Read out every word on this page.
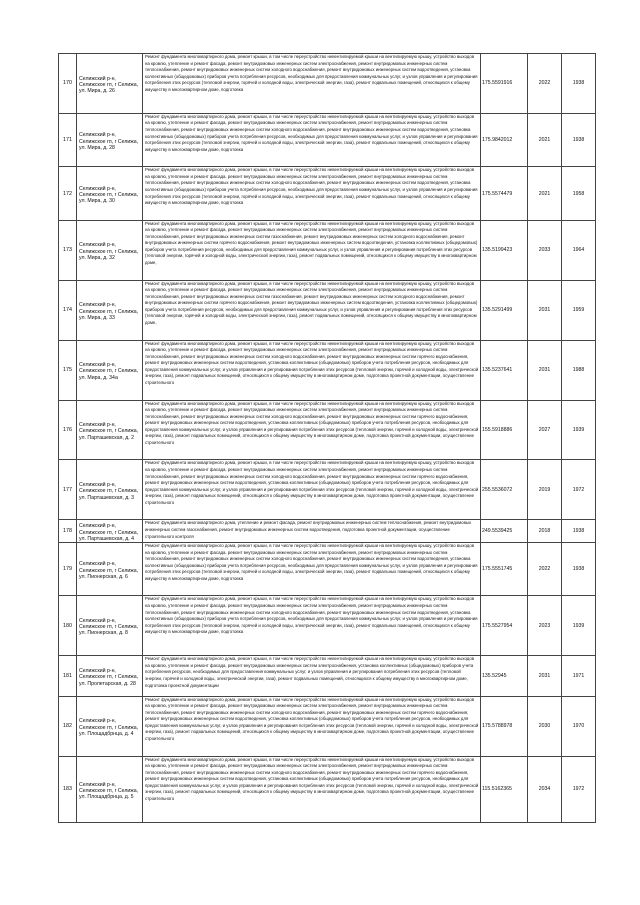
170	Селижский р-н, Селижское гп, г Селижа, ул. Мира, д. 26	Ремонт фундамента многоквартирного дома, ремонт крыши, в том числе переустройство невентилируемой крыши на вентилируемую крышу, устройство выходов на кровлю, утепление и ремонт фасада, ремонт внутридомовых инженерных систем электроснабжения, ремонт внутридомовых инженерных систем теплоснабжения, ремонт внутридомовых инженерных систем холодного водоснабжения, ремонт внутридомовых инженерных систем водоотведения, установка коллективных (общедомовых) приборов учета потребления ресурсов, необходимых для предоставления коммунальных услуг, и узлов управления и регулирования потребления этих ресурсов (тепловой энергии, горячей и холодной воды, электрической энергии, газа), ремонт подвальных помещений, относящихся к общему имуществу в многоквартирном доме, подготовка	175.5591916	2022	1938
171	Селижский р-н, Селижское гп, г Селижа, ул. Мира, д. 28	Ремонт фундамента многоквартирного дома, ремонт крыши, в том числе переустройство невентилируемой крыши на вентилируемую крышу, устройство выходов на кровлю, утепление и ремонт фасада, ремонт внутридомовых инженерных систем электроснабжения, ремонт внутридомовых инженерных систем теплоснабжения, ремонт внутридомовых инженерных систем холодного водоснабжения, ремонт внутридомовых инженерных систем водоотведения, установка коллективных (общедомовых) приборов учета потребления ресурсов, необходимых для предоставления коммунальных услуг, и узлов управления и регулирования потребления этих ресурсов (тепловой энергии, горячей и холодной воды, электрической энергии, газа), ремонт подвальных помещений, относящихся к общему имуществу в многоквартирном доме, подготовка	175.9842012	2021	1938
172	Селижский р-н, Селижское гп, г Селижа, ул. Мира, д. 30	Ремонт фундамента многоквартирного дома, ремонт крыши, в том числе переустройство невентилируемой крыши на вентилируемую крышу, устройство выходов на кровлю, утепление и ремонт фасада, ремонт внутридомовых инженерных систем электроснабжения, ремонт внутридомовых инженерных систем теплоснабжения, ремонт внутридомовых инженерных систем холодного водоснабжения, ремонт внутридомовых инженерных систем водоотведения, установка коллективных (общедомовых) приборов учета потребления ресурсов, необходимых для предоставления коммунальных услуг, и узлов управления и регулирования потребления этих ресурсов (тепловой энергии, горячей и холодной воды, электрической энергии, газа), ремонт подвальных помещений, относящихся к общему имуществу в многоквартирном доме, подготовка	175.5574479	2021	1958
173	Селижский р-н, Селижское гп, г Селижа, ул. Мира, д. 32	Ремонт фундамента многоквартирного дома, ремонт крыши, в том числе переустройство невентилируемой крыши на вентилируемую крышу, устройство выходов на кровлю, утепление и ремонт фасада, ремонт внутридомовых инженерных систем электроснабжения, ремонт внутридомовых инженерных систем теплоснабжения, ремонт внутридомовых инженерных систем газоснабжения, ремонт внутридомовых инженерных систем холодного водоснабжения, ремонт внутридомовых инженерных систем горячего водоснабжения, ремонт внутридомовых инженерных систем водоотведения, установка коллективных (общедомовых) приборов учета потребления ресурсов, необходимых для предоставления коммунальных услуг, и узлов управления и регулирования потребления этих ресурсов (тепловой энергии, горячей и холодной воды, электрической энергии, газа), ремонт подвальных помещений, относящихся к общему имуществу в многоквартирном доме,	135.5199423	2033	1964
174	Селижский р-н, Селижское гп, г Селижа, ул. Мира, д. 33	Ремонт фундамента многоквартирного дома, ремонт крыши, в том числе переустройство невентилируемой крыши на вентилируемую крышу, устройство выходов на кровлю, утепление и ремонт фасада, ремонт внутридомовых инженерных систем электроснабжения, ремонт внутридомовых инженерных систем теплоснабжения, ремонт внутридомовых инженерных систем газоснабжения, ремонт внутридомовых инженерных систем холодного водоснабжения, ремонт внутридомовых инженерных систем горячего водоснабжения, ремонт внутридомовых инженерных систем водоотведения, установка коллективных (общедомовых) приборов учета потребления ресурсов, необходимых для предоставления коммунальных услуг, и узлов управления и регулирования потребления этих ресурсов (тепловой энергии, горячей и холодной воды, электрической энергии, газа), ремонт подвальных помещений, относящихся к общему имуществу в многоквартирном доме,	135.5291499	2031	1959
175	Селижский р-н, Селижское гп, г Селижа, ул. Мира, д. 34а	Ремонт фундамента многоквартирного дома, ремонт крыши, в том числе переустройство невентилируемой крыши на вентилируемую крышу, устройство выходов на кровлю, утепление и ремонт фасада, ремонт внутридомовых инженерных систем электроснабжения, ремонт внутридомовых инженерных систем теплоснабжения, ремонт внутридомовых инженерных систем холодного водоснабжения, ремонт внутридомовых инженерных систем горячего водоснабжения, ремонт внутридомовых инженерных систем водоотведения, установка коллективных (общедомовых) приборов учета потребления ресурсов, необходимых для предоставления коммунальных услуг, и узлов управления и регулирования потребления этих ресурсов (тепловой энергии, горячей и холодной воды, электрической энергии, газа), ремонт подвальных помещений, относящихся к общему имуществу в многоквартирном доме, подготовка проектной документации, осуществление строительного	135.5237641	2031	1988
176	Селижский р-н, Селижское гп, г Селижа, ул. Парташевская, д. 2	Ремонт фундамента многоквартирного дома, ремонт крыши, в том числе переустройство невентилируемой крыши на вентилируемую крышу, устройство выходов на кровлю, утепление и ремонт фасада, ремонт внутридомовых инженерных систем электроснабжения, ремонт внутридомовых инженерных систем теплоснабжения, ремонт внутридомовых инженерных систем холодного водоснабжения, ремонт внутридомовых инженерных систем горячего водоснабжения, ремонт внутридомовых инженерных систем водоотведения, установка коллективных (общедомовых) приборов учета потребления ресурсов, необходимых для предоставления коммунальных услуг, и узлов управления и регулирования потребления этих ресурсов (тепловой энергии, горячей и холодной воды, электрической энергии, газа), ремонт подвальных помещений, относящихся к общему имуществу в многоквартирном доме, подготовка проектной документации, осуществление строительного	155.5918886	2027	1939
177	Селижский р-н, Селижское гп, г Селижа, ул. Парташевская, д. 3	Ремонт фундамента многоквартирного дома, ремонт крыши, в том числе переустройство невентилируемой крыши на вентилируемую крышу, устройство выходов на кровлю, утепление и ремонт фасада, ремонт внутридомовых инженерных систем электроснабжения, ремонт внутридомовых инженерных систем теплоснабжения, ремонт внутридомовых инженерных систем холодного водоснабжения, ремонт внутридомовых инженерных систем горячего водоснабжения, ремонт внутридомовых инженерных систем водоотведения, установка коллективных (общедомовых) приборов учета потребления ресурсов, необходимых для предоставления коммунальных услуг, и узлов управления и регулирования потребления этих ресурсов (тепловой энергии, горячей и холодной воды, электрической энергии, газа), ремонт подвальных помещений, относящихся к общему имуществу в многоквартирном доме, подготовка проектной документации, осуществление строительного	255.5536072	2019	1972
178	Селижский р-н, Селижское гп, г Селижа, ул. Парташевская, д. 4	Ремонт фундамента многоквартирного дома, утепление и ремонт фасада, ремонт внутридомовых инженерных систем теплоснабжения, ремонт внутридомовых инженерных систем газоснабжения, ремонт внутридомовых инженерных систем водоотведения, подготовка проектной документации, осуществление строительного контроля	249.5539425	2018	1938
179	Селижский р-н, Селижское гп, г Селижа, ул. Пионерская, д. 6	Ремонт фундамента многоквартирного дома, ремонт крыши, в том числе переустройство невентилируемой крыши на вентилируемую крышу, устройство выходов на кровлю, утепление и ремонт фасада, ремонт внутридомовых инженерных систем электроснабжения, ремонт внутридомовых инженерных систем теплоснабжения, ремонт внутридомовых инженерных систем холодного водоснабжения, ремонт внутридомовых инженерных систем водоотведения, установка коллективных (общедомовых) приборов учета потребления ресурсов, необходимых для предоставления коммунальных услуг, и узлов управления и регулирования потребления этих ресурсов (тепловой энергии, горячей и холодной воды, электрической энергии, газа), ремонт подвальных помещений, относящихся к общему имуществу в многоквартирном доме, подготовка	175.5551745	2022	1938
180	Селижский р-н, Селижское гп, г Селижа, ул. Пионерская, д. 8	Ремонт фундамента многоквартирного дома, ремонт крыши, в том числе переустройство невентилируемой крыши на вентилируемую крышу, устройство выходов на кровлю, утепление и ремонт фасада, ремонт внутридомовых инженерных систем электроснабжения, ремонт внутридомовых инженерных систем теплоснабжения, ремонт внутридомовых инженерных систем холодного водоснабжения, ремонт внутридомовых инженерных систем водоотведения, установка коллективных (общедомовых) приборов учета потребления ресурсов, необходимых для предоставления коммунальных услуг, и узлов управления и регулирования потребления этих ресурсов (тепловой энергии, горячей и холодной воды, электрической энергии, газа), ремонт подвальных помещений, относящихся к общему имуществу в многоквартирном доме, подготовка	175.5527954	2023	1939
181	Селижский р-н, Селижское гп, г Селижа, ул. Пролетарская, д. 28	Ремонт фундамента многоквартирного дома, ремонт крыши, в том числе переустройство невентилируемой крыши на вентилируемую крышу, устройство выходов на кровлю, утепление и ремонт фасада, ремонт внутридомовых инженерных систем электроснабжения, установка коллективных (общедомовых) приборов учета потребления ресурсов, необходимых для предоставления коммунальных услуг, и узлов управления и регулирования потребления этих ресурсов (тепловой энергии, горячей и холодной воды, электрической энергии, газа), ремонт подвальных помещений, относящихся к общему имуществу в многоквартирном доме, подготовка проектной документации	135.52945	2031	1971
182	Селижский р-н, Селижское гп, г Селижа, ул. Площадбрнца, д. 4	Ремонт фундамента многоквартирного дома, ремонт крыши, в том числе переустройство невентилируемой крыши на вентилируемую крышу, устройство выходов на кровлю, утепление и ремонт фасада, ремонт внутридомовых инженерных систем электроснабжения, ремонт внутридомовых инженерных систем теплоснабжения, ремонт внутридомовых инженерных систем холодного водоснабжения, ремонт внутридомовых инженерных систем горячего водоснабжения, ремонт внутридомовых инженерных систем водоотведения, установка коллективных (общедомовых) приборов учета потребления ресурсов, необходимых для предоставления коммунальных услуг, и узлов управления и регулирования потребления этих ресурсов (тепловой энергии, горячей и холодной воды, электрической энергии, газа), ремонт подвальных помещений, относящихся к общему имуществу в многоквартирном доме, подготовка проектной документации, осуществление строительного	175.5788978	2030	1970
183	Селижский р-н, Селижское гп, г Селижа, ул. Площадбрнца, д. 5	Ремонт фундамента многоквартирного дома, ремонт крыши, в том числе переустройство невентилируемой крыши на вентилируемую крышу, устройство выходов на кровлю, утепление и ремонт фасада, ремонт внутридомовых инженерных систем электроснабжения, ремонт внутридомовых инженерных систем теплоснабжения, ремонт внутридомовых инженерных систем холодного водоснабжения, ремонт внутридомовых инженерных систем горячего водоснабжения, ремонт внутридомовых инженерных систем водоотведения, установка коллективных (общедомовых) приборов учета потребления ресурсов, необходимых для предоставления коммунальных услуг, и узлов управления и регулирования потребления этих ресурсов (тепловой энергии, горячей и холодной воды, электрической энергии, газа), ремонт подвальных помещений, относящихся к общему имуществу в многоквартирном доме, подготовка проектной документации, осуществление строительного	115.5162365	2034	1972
